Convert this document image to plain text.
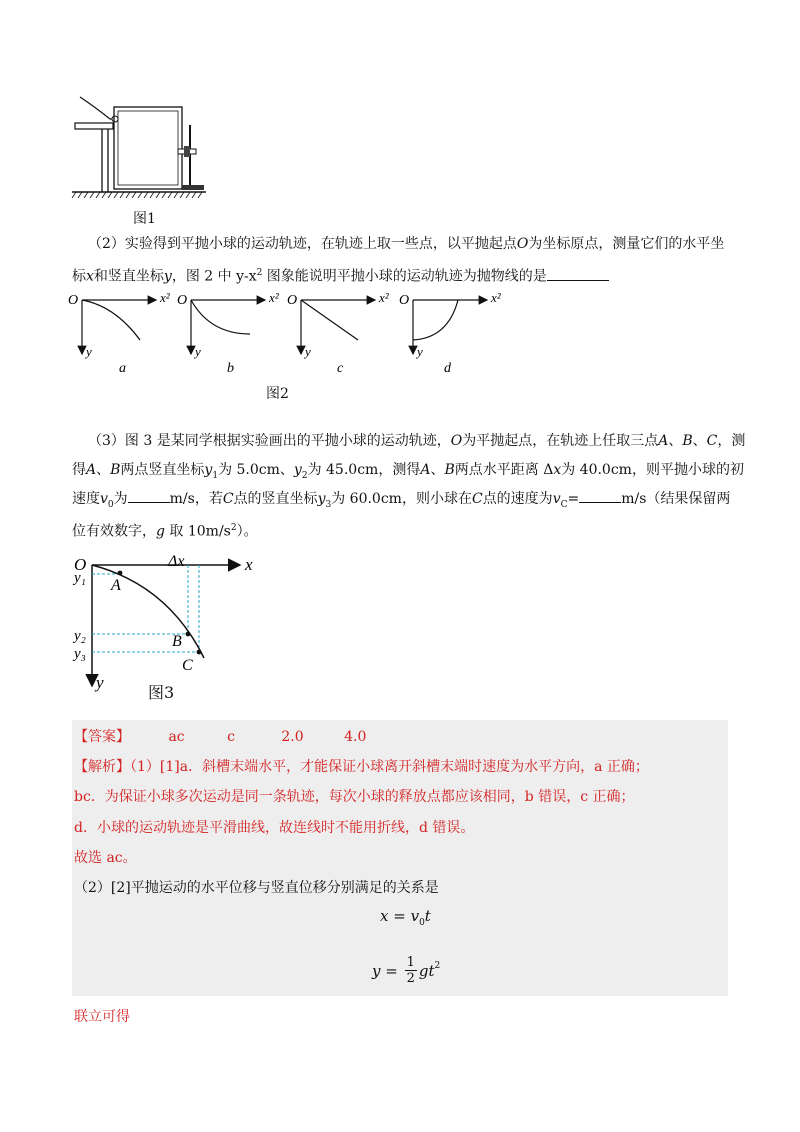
图1
（2）实验得到平抛小球的运动轨迹，在轨迹上取一些点，以平抛起点O为坐标原点，测量它们的水平坐
标x和竖直坐标y，图 2 中 $y-x^2$ 图象能说明平抛小球的运动轨迹为抛物线的是
O	x²
y
a
O	x²
y
b
O	x²
y
c
O	x²
y
d
图2
（3）图 3 是某同学根据实验画出的平抛小球的运动轨迹，O为平抛起点，在轨迹上任取三点A、B、C，测
得A、B两点竖直坐标$y_1$为 5.0cm、$y_2$为 45.0cm，测得A、B两点水平距离 Δx为 40.0cm，则平抛小球的初
速度$v_0$为	m/s，若C点的竖直坐标$y_3$为 60.0cm，则小球在C点的速度为$v_C=$	m/s（结果保留两
位有效数字，g 取 $10m/s^2$）。
O	Δx	x
y
y₁
y₂
y₃
A
B
C
图3
【答案】	ac	c	2.0	4.0
【解析】（1）[1]a．斜槽末端水平，才能保证小球离开斜槽末端时速度为水平方向，a 正确；
bc．为保证小球多次运动是同一条轨迹，每次小球的释放点都应该相同，b 错误，c 正确；
d．小球的运动轨迹是平滑曲线，故连线时不能用折线，d 错误。
故选 ac。
（2）[2]平抛运动的水平位移与竖直位移分别满足的关系是
$x = v_0t$
$y = \frac{1}{2} gt^2$
联立可得
